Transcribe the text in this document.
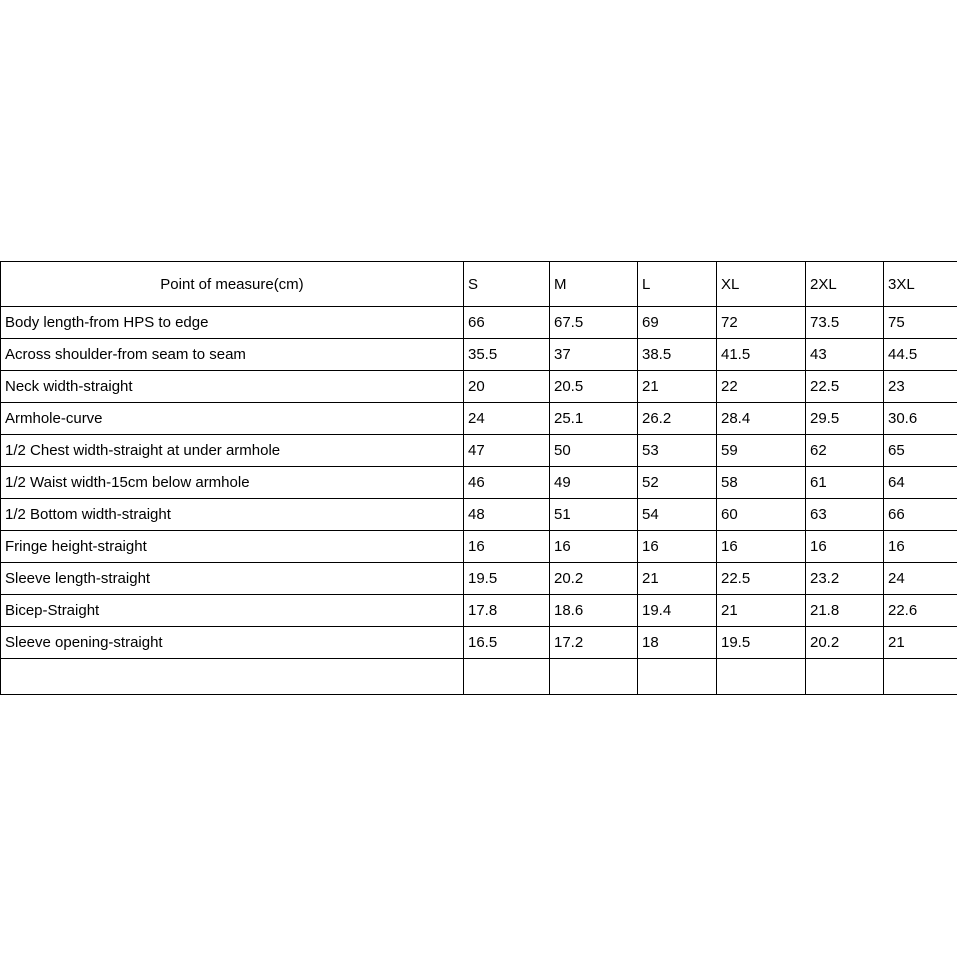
Point of measure(cm)	S	M	L	XL	2XL	3XL
Body length-from HPS to edge	66	67.5	69	72	73.5	75
Across shoulder-from seam to seam	35.5	37	38.5	41.5	43	44.5
Neck width-straight	20	20.5	21	22	22.5	23
Armhole-curve	24	25.1	26.2	28.4	29.5	30.6
1/2 Chest width-straight at under armhole	47	50	53	59	62	65
1/2 Waist width-15cm below armhole	46	49	52	58	61	64
1/2 Bottom width-straight	48	51	54	60	63	66
Fringe height-straight	16	16	16	16	16	16
Sleeve length-straight	19.5	20.2	21	22.5	23.2	24
Bicep-Straight	17.8	18.6	19.4	21	21.8	22.6
Sleeve opening-straight	16.5	17.2	18	19.5	20.2	21
